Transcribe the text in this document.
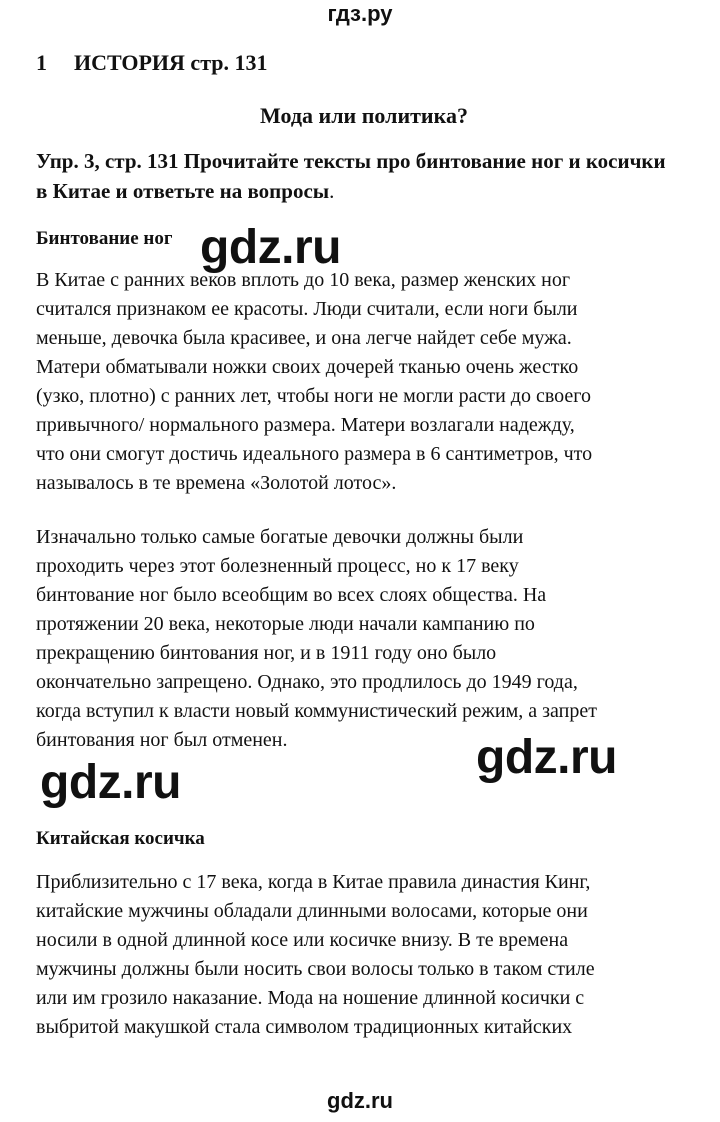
гдз.ру
1 ИСТОРИЯ стр. 131
Мода или политика?
Упр. 3, стр. 131 Прочитайте тексты про бинтование ног и косички в Китае и ответьте на вопросы.
Бинтование ног
В Китае с ранних веков вплоть до 10 века, размер женских ног
считался признаком ее красоты. Люди считали, если ноги были
меньше, девочка была красивее, и она легче найдет себе мужа.
Матери обматывали ножки своих дочерей тканью очень жестко
(узко, плотно) с ранних лет, чтобы ноги не могли расти до своего
привычного/ нормального размера. Матери возлагали надежду,
что они смогут достичь идеального размера в 6 сантиметров, что
называлось в те времена «Золотой лотос».
Изначально только самые богатые девочки должны были
проходить через этот болезненный процесс, но к 17 веку
бинтование ног было всеобщим во всех слоях общества. На
протяжении 20 века, некоторые люди начали кампанию по
прекращению бинтования ног, и в 1911 году оно было
окончательно запрещено. Однако, это продлилось до 1949 года,
когда вступил к власти новый коммунистический режим, а запрет
бинтования ног был отменен.
Китайская косичка
Приблизительно с 17 века, когда в Китае правила династия Кинг,
китайские мужчины обладали длинными волосами, которые они
носили в одной длинной косе или косичке внизу. В те времена
мужчины должны были носить свои волосы только в таком стиле
или им грозило наказание. Мода на ношение длинной косички с
выбритой макушкой стала символом традиционных китайских
gdz.ru
gdz.ru
gdz.ru
gdz.ru
